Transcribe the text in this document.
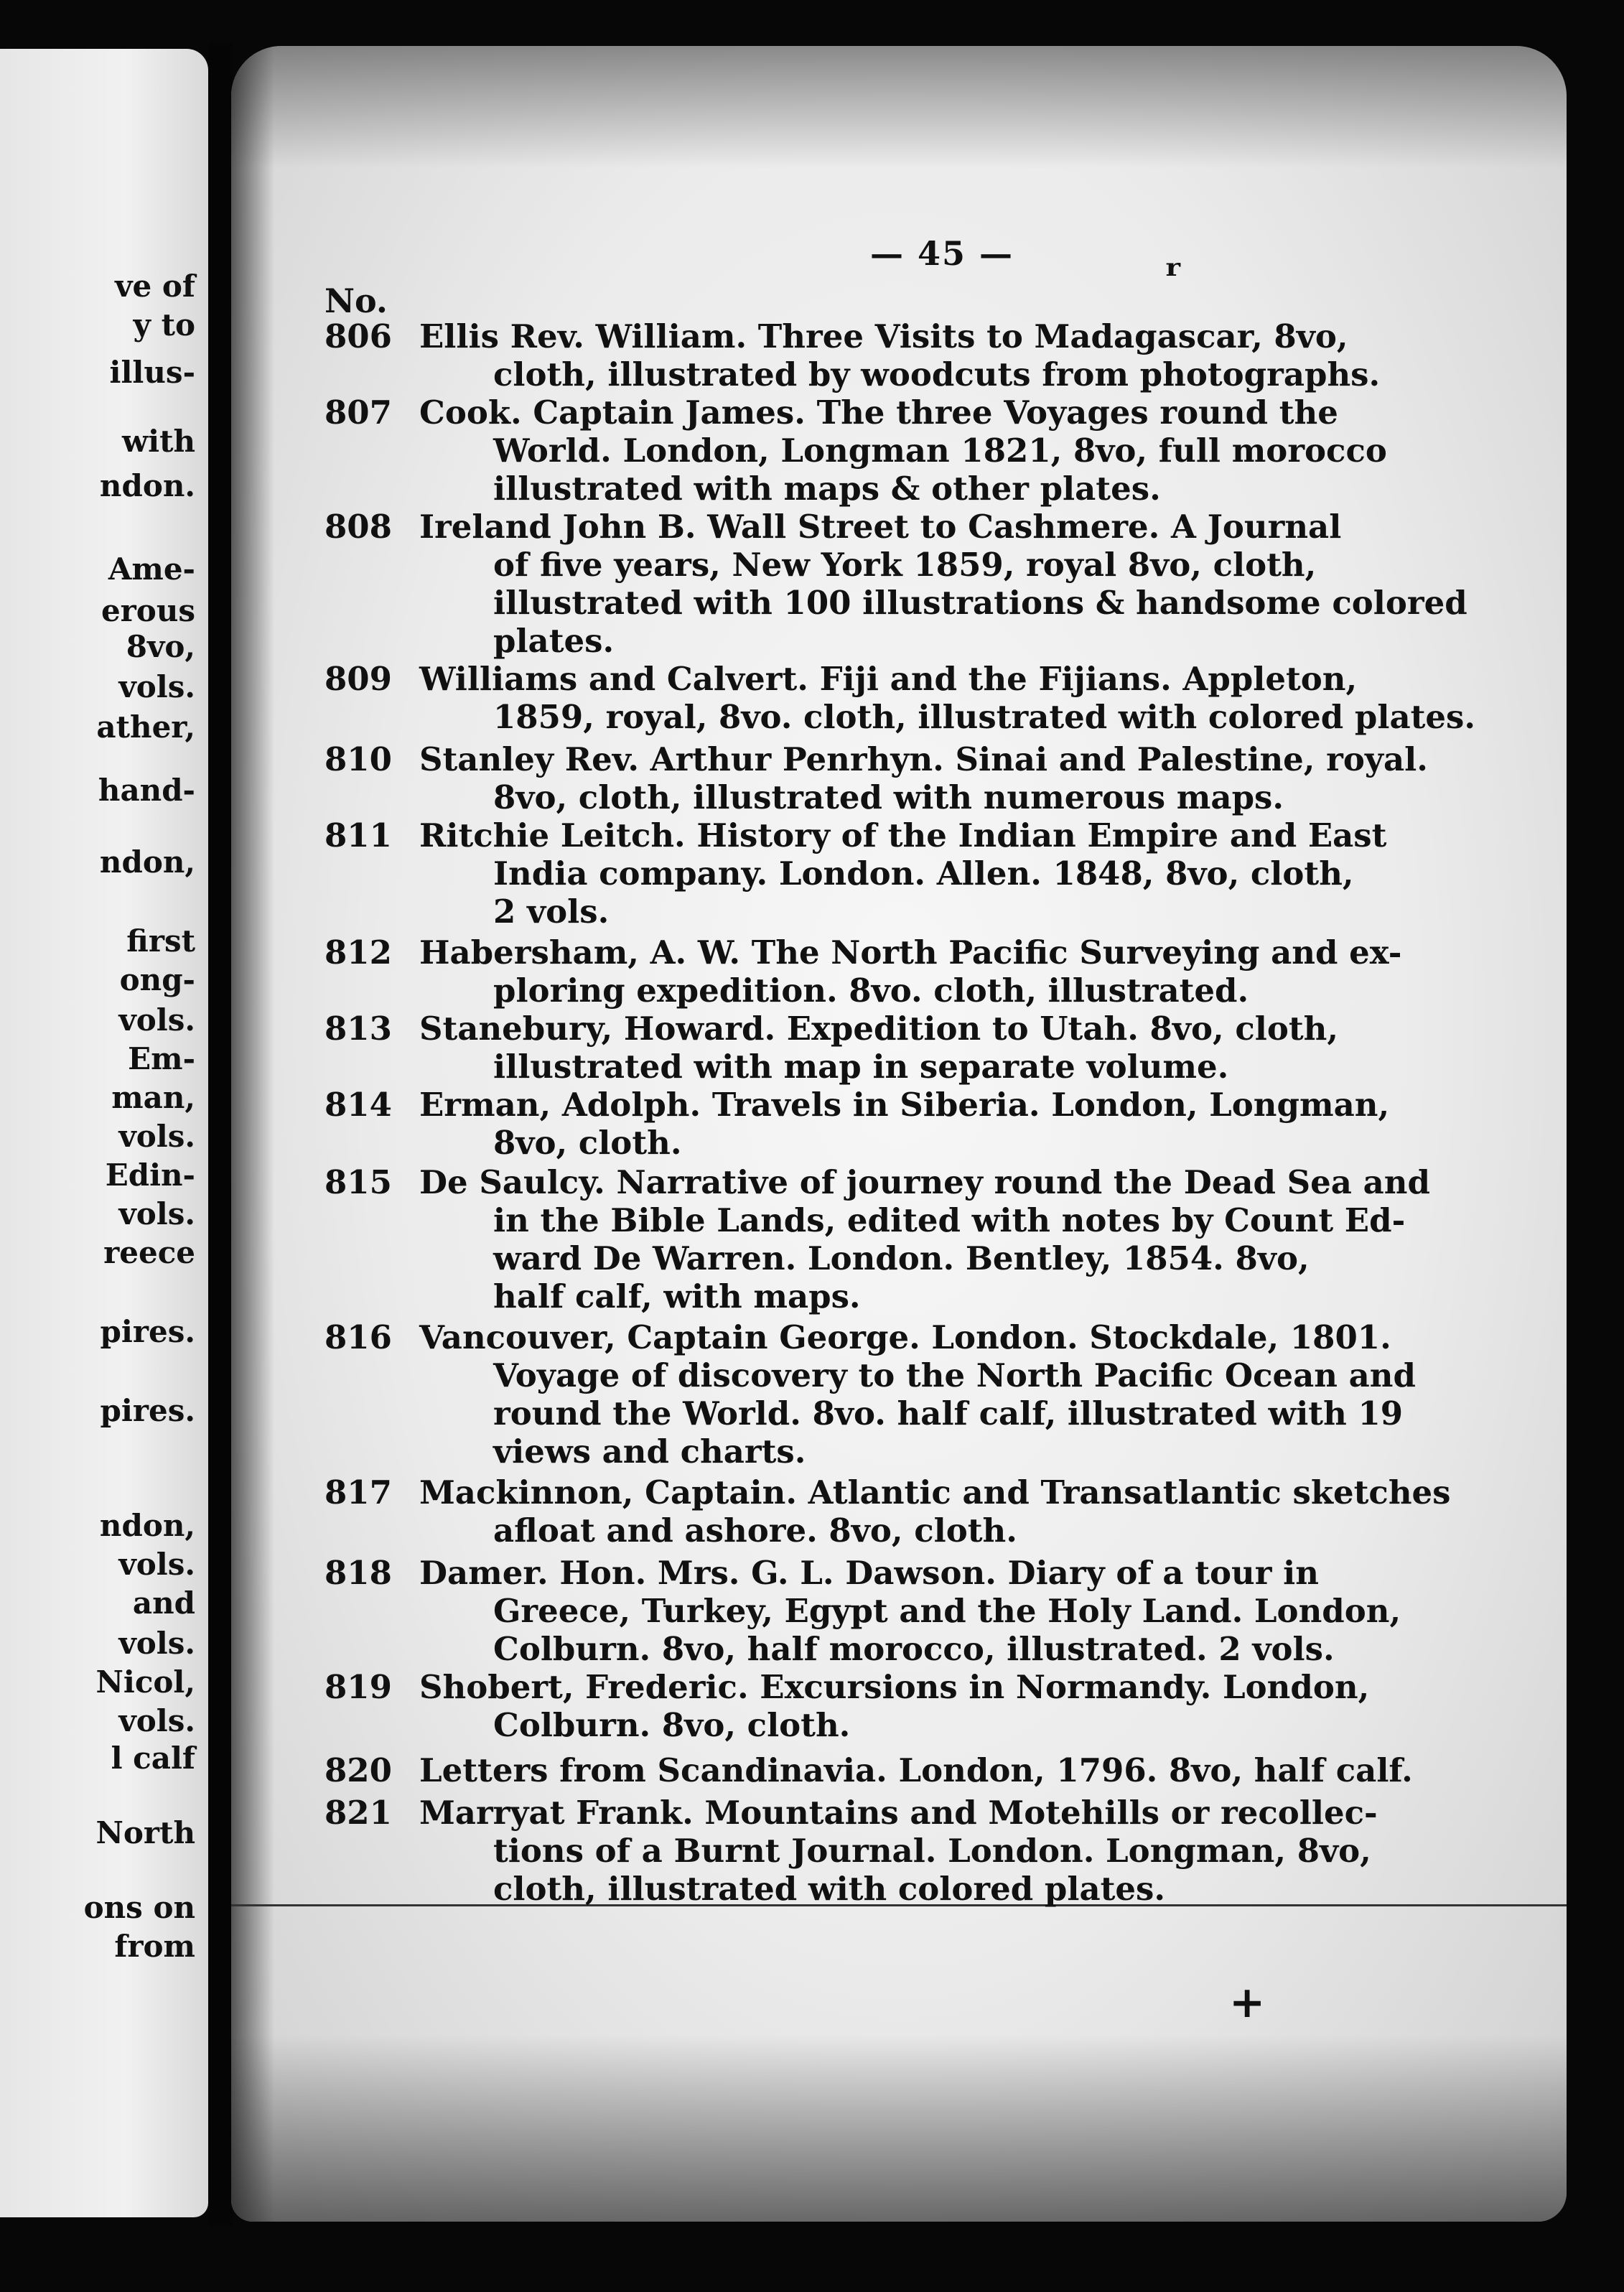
ve of

y to

illus-

with

ndon.

Ame-

erous

8vo,

vols.

ather,

hand-

ndon,

first

ong-

vols.

Em-

man,

vols.

Edin-

vols.

reece

pires.

pires.

ndon,

vols.

and

vols.

Nicol,

vols.

l calf

North

ons on

from

— 45 —

No.

806 Ellis Rev. William. Three Visits to Madagascar, 8vo,
cloth, illustrated by woodcuts from photographs.
807 Cook. Captain James. The three Voyages round the
World. London, Longman 1821, 8vo, full morocco
illustrated with maps & other plates.
808 Ireland John B. Wall Street to Cashmere. A Journal
of five years, New York 1859, royal 8vo, cloth,
illustrated with 100 illustrations & handsome colored
plates.
809 Williams and Calvert. Fiji and the Fijians. Appleton,
1859, royal, 8vo. cloth, illustrated with colored plates.
810 Stanley Rev. Arthur Penrhyn. Sinai and Palestine, royal.
8vo, cloth, illustrated with numerous maps.
811 Ritchie Leitch. History of the Indian Empire and East
India company. London. Allen. 1848, 8vo, cloth,
2 vols.
812 Habersham, A. W. The North Pacific Surveying and ex-
ploring expedition. 8vo. cloth, illustrated.
813 Stanebury, Howard. Expedition to Utah. 8vo, cloth,
illustrated with map in separate volume.
814 Erman, Adolph. Travels in Siberia. London, Longman,
8vo, cloth.
815 De Saulcy. Narrative of journey round the Dead Sea and
in the Bible Lands, edited with notes by Count Ed-
ward De Warren. London. Bentley, 1854. 8vo,
half calf, with maps.
816 Vancouver, Captain George. London. Stockdale, 1801.
Voyage of discovery to the North Pacific Ocean and
round the World. 8vo. half calf, illustrated with 19
views and charts.
817 Mackinnon, Captain. Atlantic and Transatlantic sketches
afloat and ashore. 8vo, cloth.
818 Damer. Hon. Mrs. G. L. Dawson. Diary of a tour in
Greece, Turkey, Egypt and the Holy Land. London,
Colburn. 8vo, half morocco, illustrated. 2 vols.
819 Shobert, Frederic. Excursions in Normandy. London,
Colburn. 8vo, cloth.
820 Letters from Scandinavia. London, 1796. 8vo, half calf.
821 Marryat Frank. Mountains and Motehills or recollec-
tions of a Burnt Journal. London. Longman, 8vo,
cloth, illustrated with colored plates.

ʳ

+
